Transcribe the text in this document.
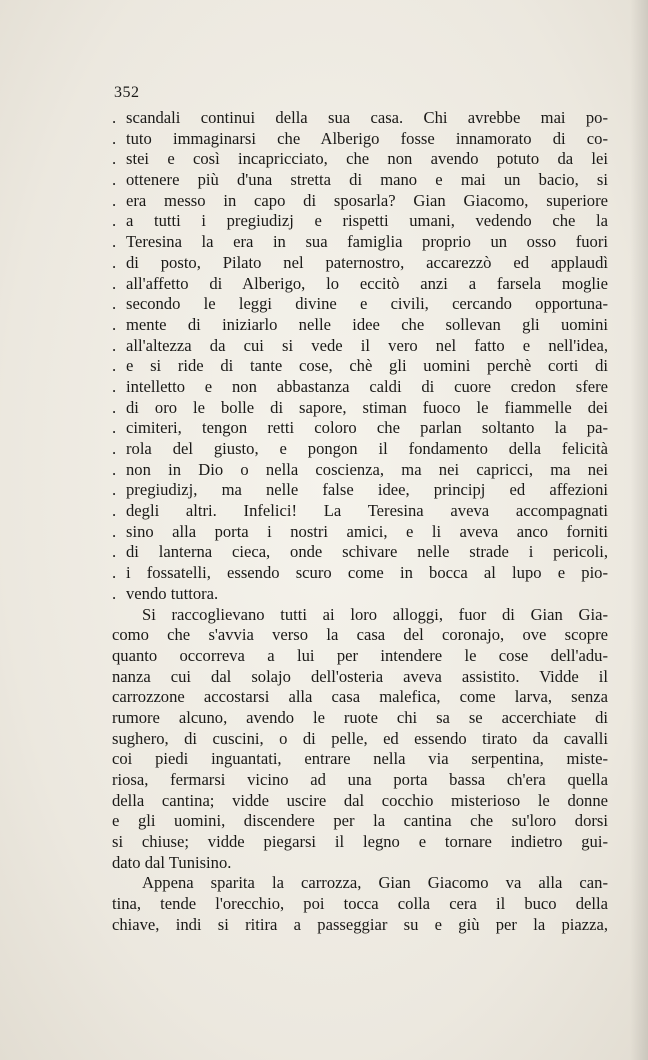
352
. scandali continui della sua casa. Chi avrebbe mai po-
. tuto immaginarsi che Alberigo fosse innamorato di co-
. stei e così incapricciato, che non avendo potuto da lei
. ottenere più d'una stretta di mano e mai un bacio, si
. era messo in capo di sposarla? Gian Giacomo, superiore
. a tutti i pregiudizj e rispetti umani, vedendo che la
. Teresina la era in sua famiglia proprio un osso fuori
. di posto, Pilato nel paternostro, accarezzò ed applaudì
. all'affetto di Alberigo, lo eccitò anzi a farsela moglie
. secondo le leggi divine e civili, cercando opportuna-
. mente di iniziarlo nelle idee che sollevan gli uomini
. all'altezza da cui si vede il vero nel fatto e nell'idea,
. e si ride di tante cose, chè gli uomini perchè corti di
. intelletto e non abbastanza caldi di cuore credon sfere
. di oro le bolle di sapore, stiman fuoco le fiammelle dei
. cimiteri, tengon retti coloro che parlan soltanto la pa-
. rola del giusto, e pongon il fondamento della felicità
. non in Dio o nella coscienza, ma nei capricci, ma nei
. pregiudizj, ma nelle false idee, principj ed affezioni
. degli altri. Infelici! La Teresina aveva accompagnati
. sino alla porta i nostri amici, e li aveva anco forniti
. di lanterna cieca, onde schivare nelle strade i pericoli,
. i fossatelli, essendo scuro come in bocca al lupo e pio-
. vendo tuttora.
Si raccoglievano tutti ai loro alloggi, fuor di Gian Gia-
como che s'avvia verso la casa del coronajo, ove scopre
quanto occorreva a lui per intendere le cose dell'adu-
nanza cui dal solajo dell'osteria aveva assistito. Vidde il
carrozzone accostarsi alla casa malefica, come larva, senza
rumore alcuno, avendo le ruote chi sa se accerchiate di
sughero, di cuscini, o di pelle, ed essendo tirato da cavalli
coi piedi inguantati, entrare nella via serpentina, miste-
riosa, fermarsi vicino ad una porta bassa ch'era quella
della cantina; vidde uscire dal cocchio misterioso le donne
e gli uomini, discendere per la cantina che su'loro dorsi
si chiuse; vidde piegarsi il legno e tornare indietro gui-
dato dal Tunisino.
Appena sparita la carrozza, Gian Giacomo va alla can-
tina, tende l'orecchio, poi tocca colla cera il buco della
chiave, indi si ritira a passeggiar su e giù per la piazza,
